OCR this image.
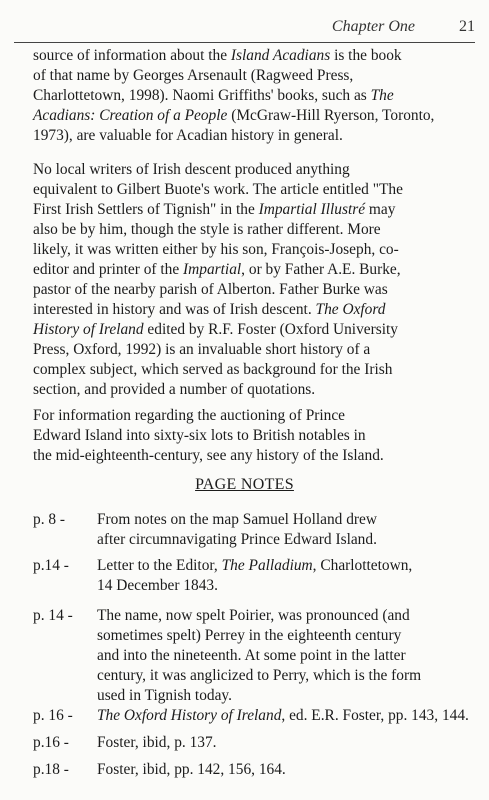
Chapter One	21
source of information about the Island Acadians is the book
of that name by Georges Arsenault (Ragweed Press,
Charlottetown, 1998). Naomi Griffiths' books, such as The
Acadians: Creation of a People (McGraw-Hill Ryerson, Toronto,
1973), are valuable for Acadian history in general.
No local writers of Irish descent produced anything
equivalent to Gilbert Buote's work. The article entitled "The
First Irish Settlers of Tignish" in the Impartial Illustré may
also be by him, though the style is rather different. More
likely, it was written either by his son, François-Joseph, co-
editor and printer of the Impartial, or by Father A.E. Burke,
pastor of the nearby parish of Alberton. Father Burke was
interested in history and was of Irish descent. The Oxford
History of Ireland edited by R.F. Foster (Oxford University
Press, Oxford, 1992) is an invaluable short history of a
complex subject, which served as background for the Irish
section, and provided a number of quotations.
For information regarding the auctioning of Prince
Edward Island into sixty-six lots to British notables in
the mid-eighteenth-century, see any history of the Island.
PAGE NOTES
p. 8 -	From notes on the map Samuel Holland drew
after circumnavigating Prince Edward Island.
p.14 -	Letter to the Editor, The Palladium, Charlottetown,
14 December 1843.
p. 14 -	The name, now spelt Poirier, was pronounced (and
sometimes spelt) Perrey in the eighteenth century
and into the nineteenth. At some point in the latter
century, it was anglicized to Perry, which is the form
used in Tignish today.
p. 16 -	The Oxford History of Ireland, ed. E.R. Foster, pp. 143, 144.
p.16 -	Foster, ibid, p. 137.
p.18 -	Foster, ibid, pp. 142, 156, 164.
